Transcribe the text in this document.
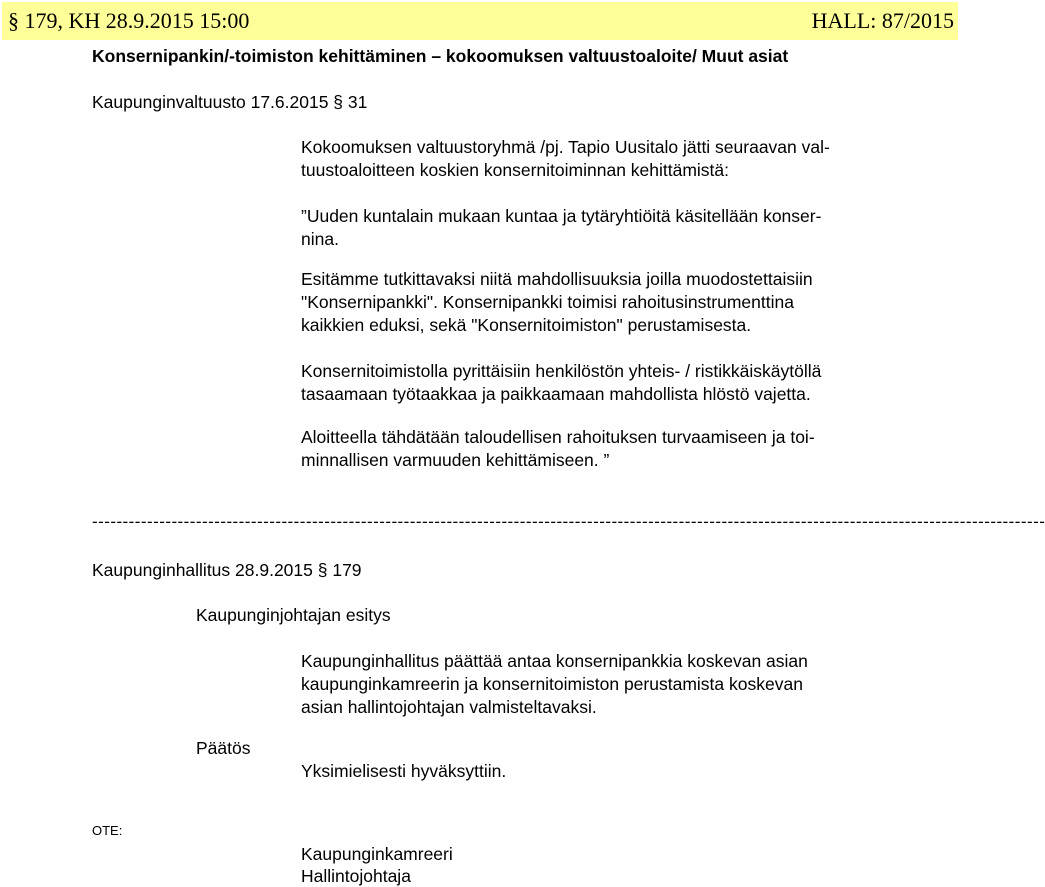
§ 179, KH 28.9.2015 15:00	HALL: 87/2015
Konsernipankin/-toimiston kehittäminen – kokoomuksen valtuustoaloite/ Muut asiat
Kaupunginvaltuusto 17.6.2015 § 31
Kokoomuksen valtuustoryhmä /pj. Tapio Uusitalo jätti seuraavan val-
tuustoaloitteen koskien konsernitoiminnan kehittämistä:
”Uuden kuntalain mukaan kuntaa ja tytäryhtiöitä käsitellään konser-
nina.
Esitämme tutkittavaksi niitä mahdollisuuksia joilla muodostettaisiin
"Konsernipankki". Konsernipankki toimisi rahoitusinstrumenttina
kaikkien eduksi, sekä "Konsernitoimiston" perustamisesta.
Konsernitoimistolla pyrittäisiin henkilöstön yhteis- / ristikkäiskäytöllä
tasaamaan työtaakkaa ja paikkaamaan mahdollista hlöstö vajetta.
Aloitteella tähdätään taloudellisen rahoituksen turvaamiseen ja toi-
minnallisen varmuuden kehittämiseen. ”
------------------------------------------------------------------------------------------------------------------------------------------------------------
Kaupunginhallitus 28.9.2015 § 179
Kaupunginjohtajan esitys
Kaupunginhallitus päättää antaa konsernipankkia koskevan asian
kaupunginkamreerin ja konsernitoimiston perustamista koskevan
asian hallintojohtajan valmisteltavaksi.
Päätös
Yksimielisesti hyväksyttiin.
OTE:
Kaupunginkamreeri
Hallintojohtaja
